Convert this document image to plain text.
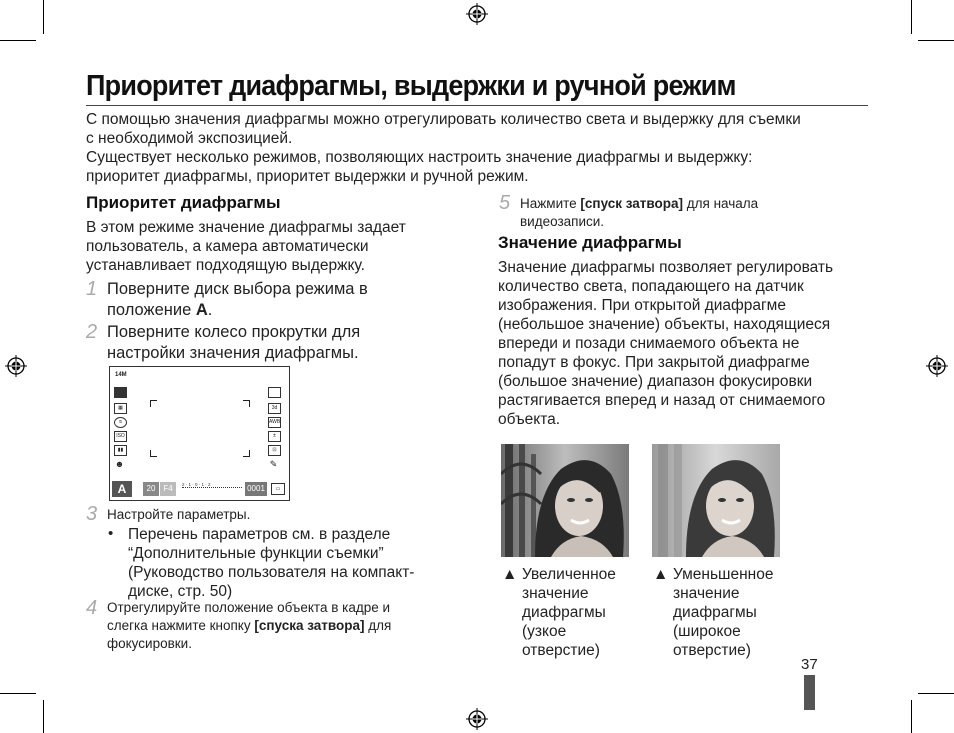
Приоритет диафрагмы, выдержки и ручной режим
С помощью значения диафрагмы можно отрегулировать количество света и выдержку для съемки
с необходимой экспозицией.
Существует несколько режимов, позволяющих настроить значение диафрагмы и выдержку:
приоритет диафрагмы, приоритет выдержки и ручной режим.
Приоритет диафрагмы
В этом режиме значение диафрагмы задает
пользователь, а камера автоматически
устанавливает подходящую выдержку.
1 Поверните диск выбора режима в
положение A.
2 Поверните колесо прокрутки для
настройки значения диафрагмы.
14M
▦
⦸
ISO
▮▮
☻
3d
AWB
±
⊡
✎
A	20 F4	2 · 1 · 0 · 1 · 2	0001	▭
3 Настройте параметры.
• Перечень параметров см. в разделе
“Дополнительные функции съемки”
(Руководство пользователя на компакт-
диске, стр. 50)
4 Отрегулируйте положение объекта в кадре и
слегка нажмите кнопку [спуска затвора] для
фокусировки.
5 Нажмите [спуск затвора] для начала
видеозаписи.
Значение диафрагмы
Значение диафрагмы позволяет регулировать
количество света, попадающего на датчик
изображения. При открытой диафрагме
(небольшое значение) объекты, находящиеся
впереди и позади снимаемого объекта не
попадут в фокус. При закрытой диафрагме
(большое значение) диапазон фокусировки
растягивается вперед и назад от снимаемого
объекта.
▲ Увеличенное
значение
диафрагмы
(узкое
отверстие)
▲ Уменьшенное
значение
диафрагмы
(широкое
отверстие)
37
